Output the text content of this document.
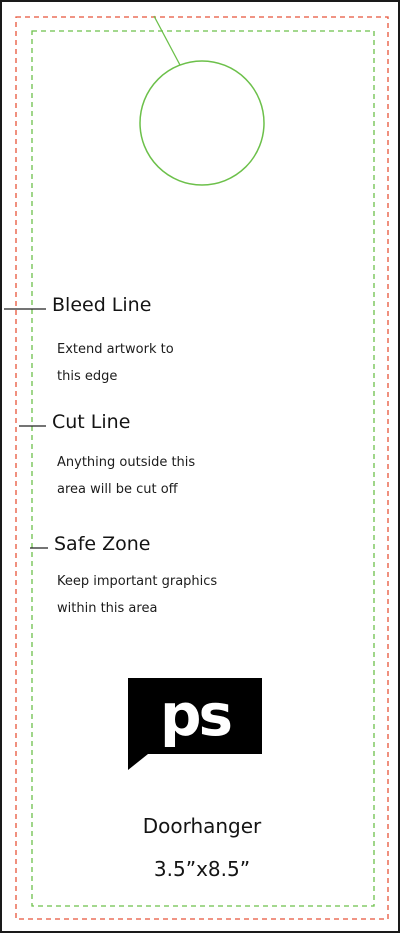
Bleed Line
Extend artwork to
this edge
Cut Line
Anything outside this
area will be cut off
Safe Zone
Keep important graphics
within this area
ps
Doorhanger
3.5”x8.5”
